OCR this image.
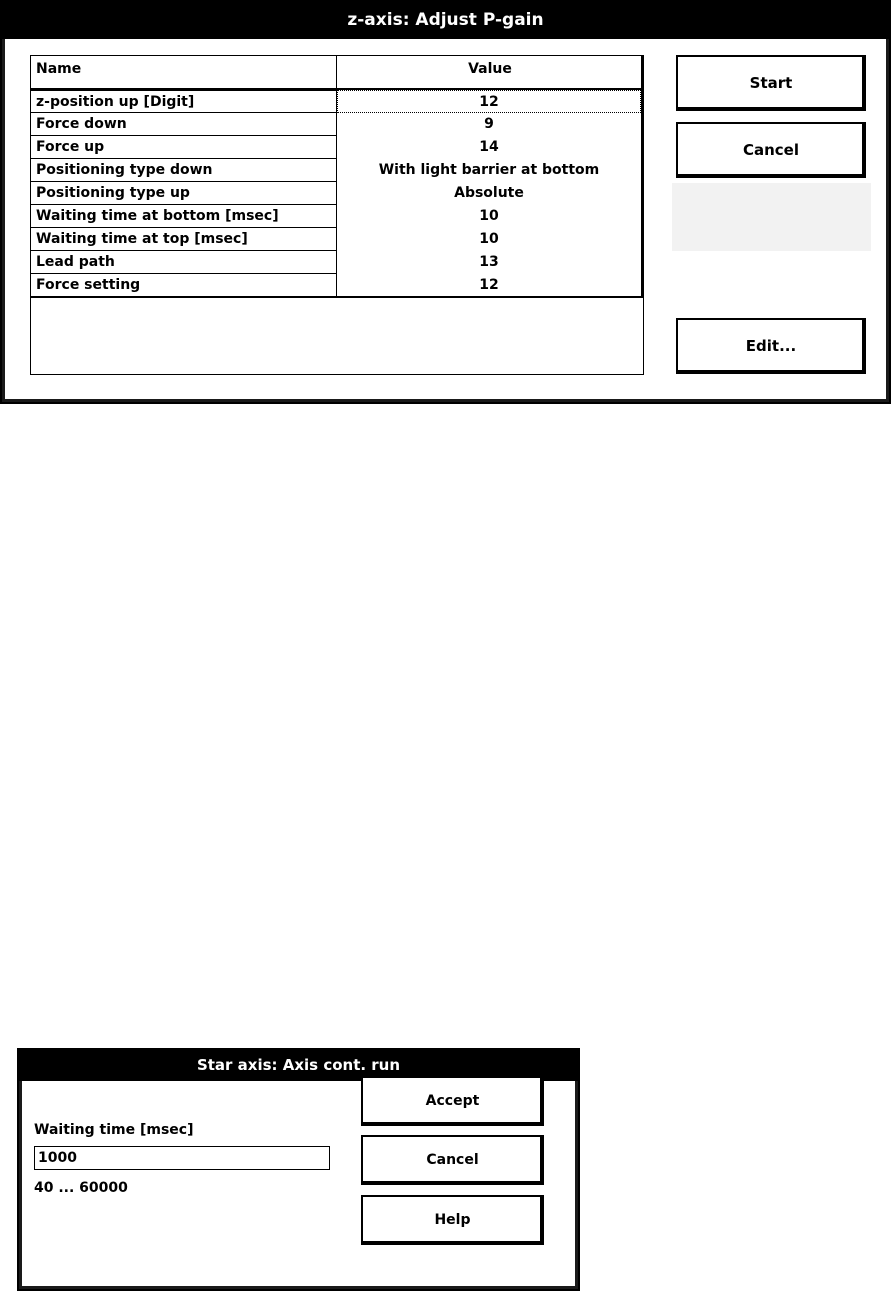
z-axis: Adjust P-gain
Name	Value
z-position up [Digit]	12
Force down	9
Force up	14
Positioning type down	With light barrier at bottom
Positioning type up	Absolute
Waiting time at bottom [msec]	10
Waiting time at top [msec]	10
Lead path	13
Force setting	12
Start
Cancel
Edit...
Star axis: Axis cont. run
Waiting time [msec]
1000
40 ... 60000
Accept
Cancel
Help
